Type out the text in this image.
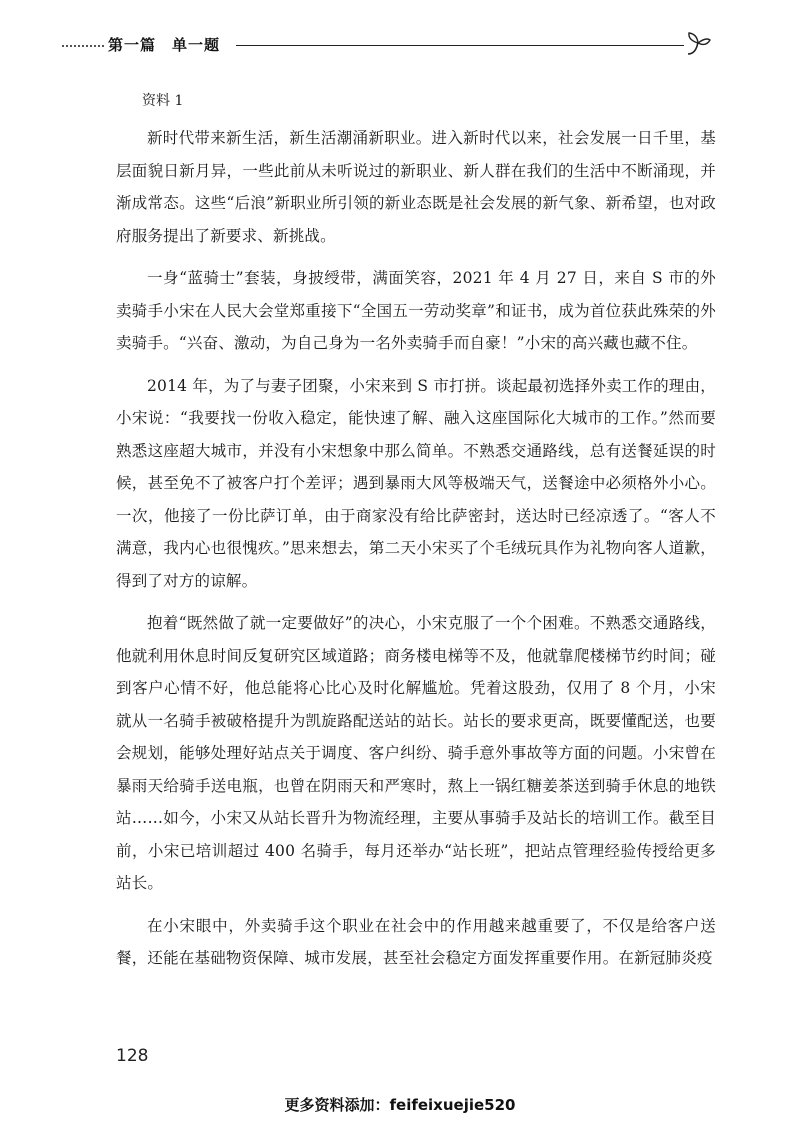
第一篇　单一题
资料 1

新时代带来新生活，新生活潮涌新职业。进入新时代以来，社会发展一日千里，基层面貌日新月异，一些此前从未听说过的新职业、新人群在我们的生活中不断涌现，并渐成常态。这些“后浪”新职业所引领的新业态既是社会发展的新气象、新希望，也对政府服务提出了新要求、新挑战。

一身“蓝骑士”套装，身披绶带，满面笑容，2021 年 4 月 27 日，来自 S 市的外卖骑手小宋在人民大会堂郑重接下“全国五一劳动奖章”和证书，成为首位获此殊荣的外卖骑手。“兴奋、激动，为自己身为一名外卖骑手而自豪！”小宋的高兴藏也藏不住。

2014 年，为了与妻子团聚，小宋来到 S 市打拼。谈起最初选择外卖工作的理由，小宋说：“我要找一份收入稳定，能快速了解、融入这座国际化大城市的工作。”然而要熟悉这座超大城市，并没有小宋想象中那么简单。不熟悉交通路线，总有送餐延误的时候，甚至免不了被客户打个差评；遇到暴雨大风等极端天气，送餐途中必须格外小心。一次，他接了一份比萨订单，由于商家没有给比萨密封，送达时已经凉透了。“客人不满意，我内心也很愧疚。”思来想去，第二天小宋买了个毛绒玩具作为礼物向客人道歉，得到了对方的谅解。

抱着“既然做了就一定要做好”的决心，小宋克服了一个个困难。不熟悉交通路线，他就利用休息时间反复研究区域道路；商务楼电梯等不及，他就靠爬楼梯节约时间；碰到客户心情不好，他总能将心比心及时化解尴尬。凭着这股劲，仅用了 8 个月，小宋就从一名骑手被破格提升为凯旋路配送站的站长。站长的要求更高，既要懂配送，也要会规划，能够处理好站点关于调度、客户纠纷、骑手意外事故等方面的问题。小宋曾在暴雨天给骑手送电瓶，也曾在阴雨天和严寒时，熬上一锅红糖姜茶送到骑手休息的地铁站……如今，小宋又从站长晋升为物流经理，主要从事骑手及站长的培训工作。截至目前，小宋已培训超过 400 名骑手，每月还举办“站长班”，把站点管理经验传授给更多站长。

在小宋眼中，外卖骑手这个职业在社会中的作用越来越重要了，不仅是给客户送餐，还能在基础物资保障、城市发展，甚至社会稳定方面发挥重要作用。在新冠肺炎疫

128
更多资料添加：feifeixuejie520
